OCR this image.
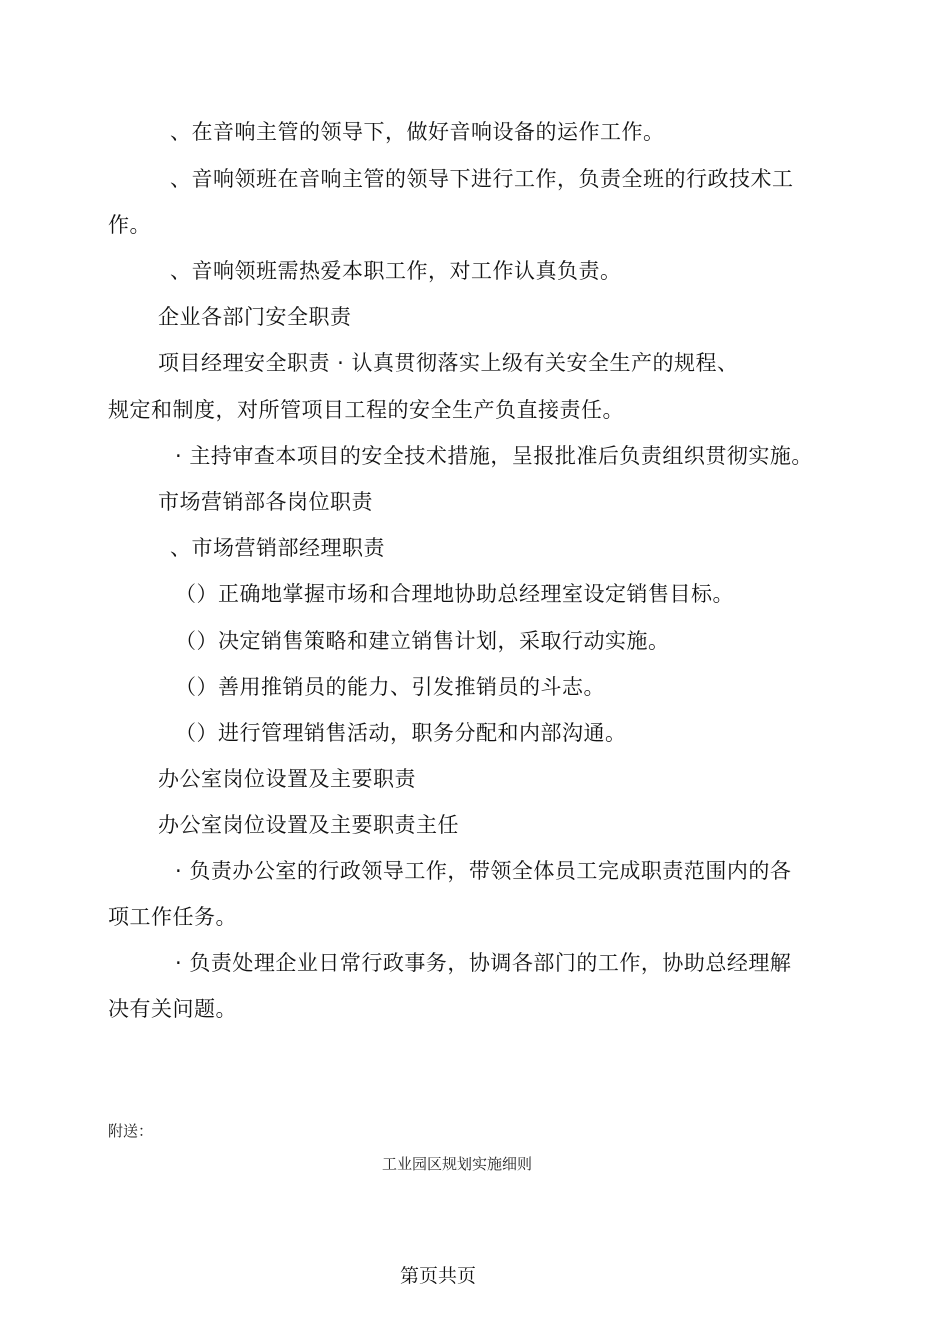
、在音响主管的领导下，做好音响设备的运作工作。
、音响领班在音响主管的领导下进行工作，负责全班的行政技术工
作。
、音响领班需热爱本职工作，对工作认真负责。
企业各部门安全职责
项目经理安全职责 · 认真贯彻落实上级有关安全生产的规程、
规定和制度，对所管项目工程的安全生产负直接责任。
· 主持审查本项目的安全技术措施，呈报批准后负责组织贯彻实施。
市场营销部各岗位职责
、市场营销部经理职责
（）正确地掌握市场和合理地协助总经理室设定销售目标。
（）决定销售策略和建立销售计划，采取行动实施。
（）善用推销员的能力、引发推销员的斗志。
（）进行管理销售活动，职务分配和内部沟通。
办公室岗位设置及主要职责
办公室岗位设置及主要职责主任
· 负责办公室的行政领导工作，带领全体员工完成职责范围内的各
项工作任务。
· 负责处理企业日常行政事务，协调各部门的工作，协助总经理解
决有关问题。
附送：
工业园区规划实施细则
第页共页
